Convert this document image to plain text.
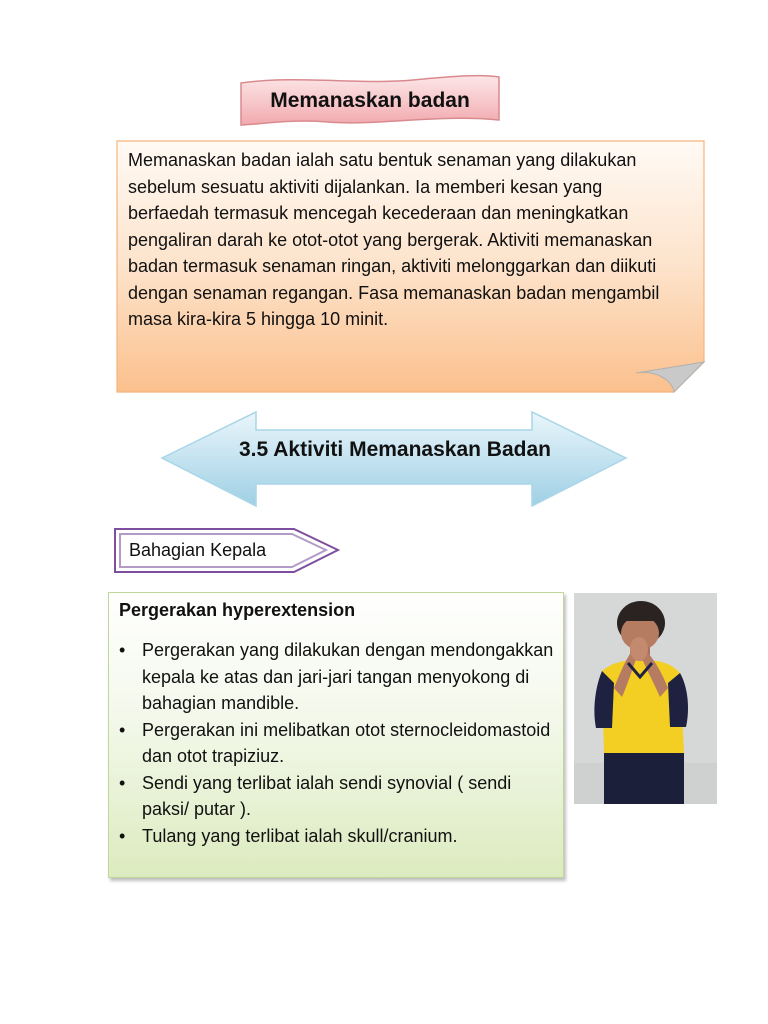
Memanaskan badan
Memanaskan badan ialah satu bentuk senaman yang dilakukan sebelum sesuatu aktiviti dijalankan. Ia memberi kesan yang berfaedah termasuk mencegah kecederaan dan meningkatkan pengaliran darah ke otot-otot yang bergerak. Aktiviti memanaskan badan termasuk senaman ringan, aktiviti melonggarkan dan diikuti dengan senaman regangan. Fasa memanaskan badan mengambil masa kira-kira 5 hingga 10 minit.
3.5 Aktiviti Memanaskan Badan
Bahagian Kepala
Pergerakan hyperextension
• Pergerakan yang dilakukan dengan mendongakkan kepala ke atas dan jari-jari tangan menyokong di bahagian mandible.
• Pergerakan ini melibatkan otot sternocleidomastoid dan otot trapiziuz.
• Sendi yang terlibat ialah sendi synovial ( sendi paksi/ putar ).
• Tulang yang terlibat ialah skull/cranium.
